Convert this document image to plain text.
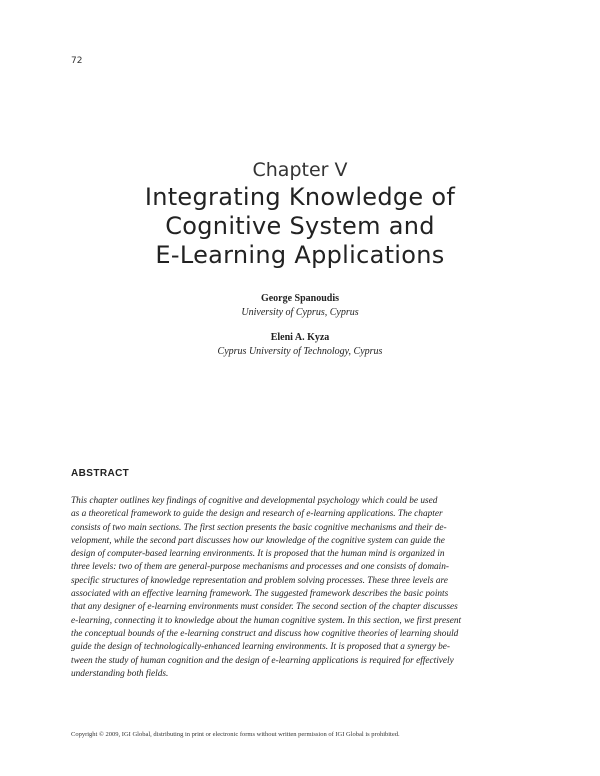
72
Chapter V
Integrating Knowledge of
Cognitive System and
E-Learning Applications
George Spanoudis
University of Cyprus, Cyprus
Eleni A. Kyza
Cyprus University of Technology, Cyprus
ABSTRACT
This chapter outlines key findings of cognitive and developmental psychology which could be used
as a theoretical framework to guide the design and research of e-learning applications. The chapter
consists of two main sections. The first section presents the basic cognitive mechanisms and their de-
velopment, while the second part discusses how our knowledge of the cognitive system can guide the
design of computer-based learning environments. It is proposed that the human mind is organized in
three levels: two of them are general-purpose mechanisms and processes and one consists of domain-
specific structures of knowledge representation and problem solving processes. These three levels are
associated with an effective learning framework. The suggested framework describes the basic points
that any designer of e-learning environments must consider. The second section of the chapter discusses
e-learning, connecting it to knowledge about the human cognitive system. In this section, we first present
the conceptual bounds of the e-learning construct and discuss how cognitive theories of learning should
guide the design of technologically-enhanced learning environments. It is proposed that a synergy be-
tween the study of human cognition and the design of e-learning applications is required for effectively
understanding both fields.
Copyright © 2009, IGI Global, distributing in print or electronic forms without written permission of IGI Global is prohibited.
